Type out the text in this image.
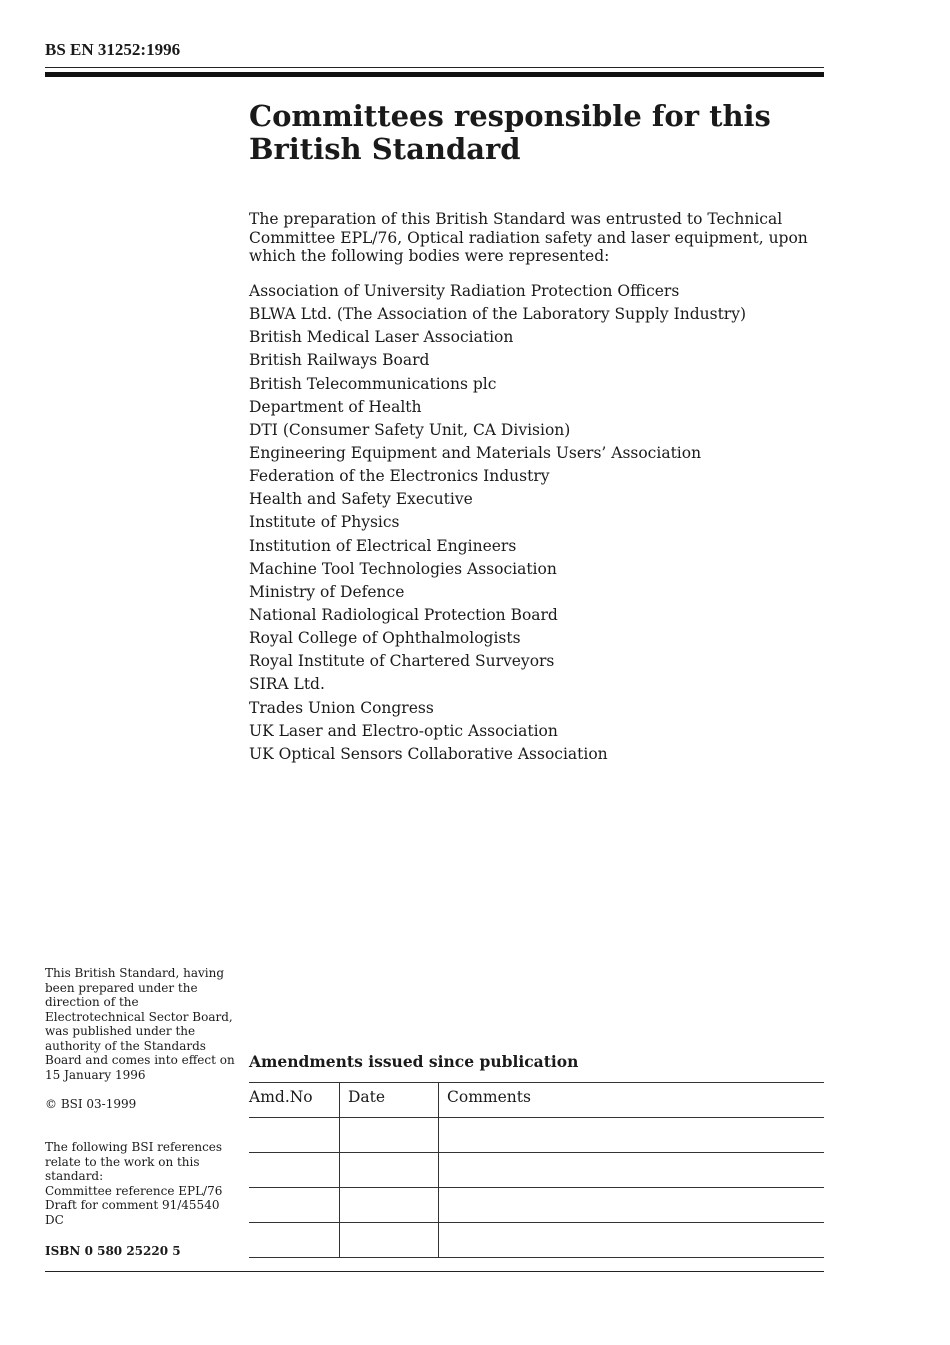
BS EN 31252:1996
Committees responsible for this
British Standard

The preparation of this British Standard was entrusted to Technical Committee EPL/76, Optical radiation safety and laser equipment, upon which the following bodies were represented:

Association of University Radiation Protection Officers
BLWA Ltd. (The Association of the Laboratory Supply Industry)
British Medical Laser Association
British Railways Board
British Telecommunications plc
Department of Health
DTI (Consumer Safety Unit, CA Division)
Engineering Equipment and Materials Users’ Association
Federation of the Electronics Industry
Health and Safety Executive
Institute of Physics
Institution of Electrical Engineers
Machine Tool Technologies Association
Ministry of Defence
National Radiological Protection Board
Royal College of Ophthalmologists
Royal Institute of Chartered Surveyors
SIRA Ltd.
Trades Union Congress
UK Laser and Electro-optic Association
UK Optical Sensors Collaborative Association

This British Standard, having been prepared under the direction of the Electrotechnical Sector Board, was published under the authority of the Standards Board and comes into effect on
15 January 1996

© BSI 03-1999

The following BSI references relate to the work on this standard:
Committee reference EPL/76
Draft for comment 91/45540 DC

ISBN 0 580 25220 5
Amendments issued since publication
Amd.No	Date	Comments
